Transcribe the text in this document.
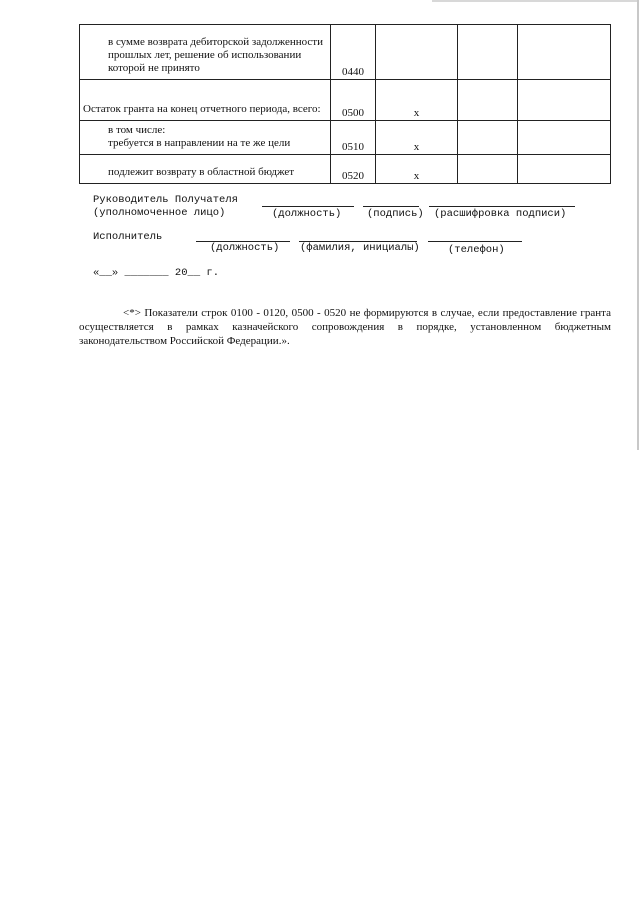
в сумме возврата дебиторской задолженности прошлых лет, решение об использовании которой не принято	0440			

Остаток гранта на конец отчетного периода, всего:	0500	x		

в том числе:
требуется в направлении на те же цели	0510	x		

подлежит возврату в областной бюджет	0520	x		
Руководитель Получателя
(уполномоченное лицо)	(должность) (подпись) (расшифровка подписи)
Исполнитель
(должность) (фамилия, инициалы)	(телефон)
«__» _______ 20__ г.
<*> Показатели строк 0100 - 0120, 0500 - 0520 не формируются в случае, если предоставление гранта осуществляется в рамках казначейского сопровождения в порядке, установленном бюджетным законодательством Российской Федерации.».
